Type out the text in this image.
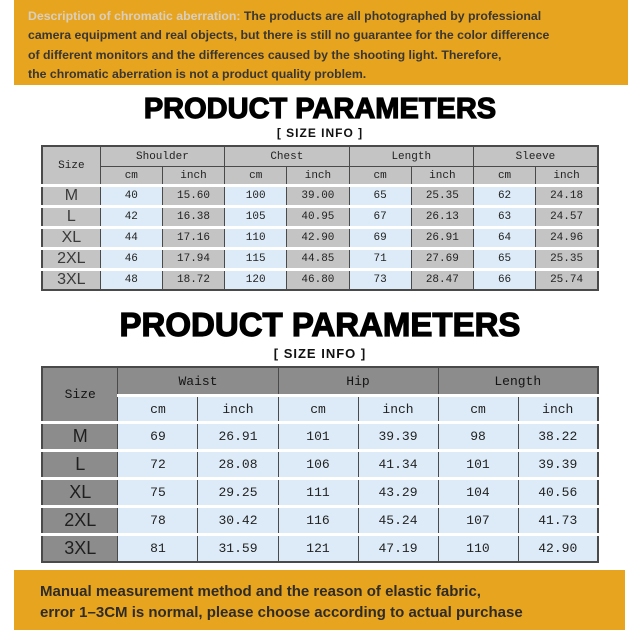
Description of chromatic aberration: The products are all photographed by professional
camera equipment and real objects, but there is still no guarantee for the color difference
of different monitors and the differences caused by the shooting light. Therefore,
the chromatic aberration is not a product quality problem.
PRODUCT PARAMETERS
[ SIZE INFO ]
Size	Shoulder		Chest		Length		Sleeve	
	cm	inch	cm	inch	cm	inch	cm	inch
M	40	15.60	100	39.00	65	25.35	62	24.18
L	42	16.38	105	40.95	67	26.13	63	24.57
XL	44	17.16	110	42.90	69	26.91	64	24.96
2XL	46	17.94	115	44.85	71	27.69	65	25.35
3XL	48	18.72	120	46.80	73	28.47	66	25.74
PRODUCT PARAMETERS
[ SIZE INFO ]
Size	Waist		Hip		Length	
	cm	inch	cm	inch	cm	inch
M	69	26.91	101	39.39	98	38.22
L	72	28.08	106	41.34	101	39.39
XL	75	29.25	111	43.29	104	40.56
2XL	78	30.42	116	45.24	107	41.73
3XL	81	31.59	121	47.19	110	42.90
Manual measurement method and the reason of elastic fabric,
error 1–3CM is normal, please choose according to actual purchase
